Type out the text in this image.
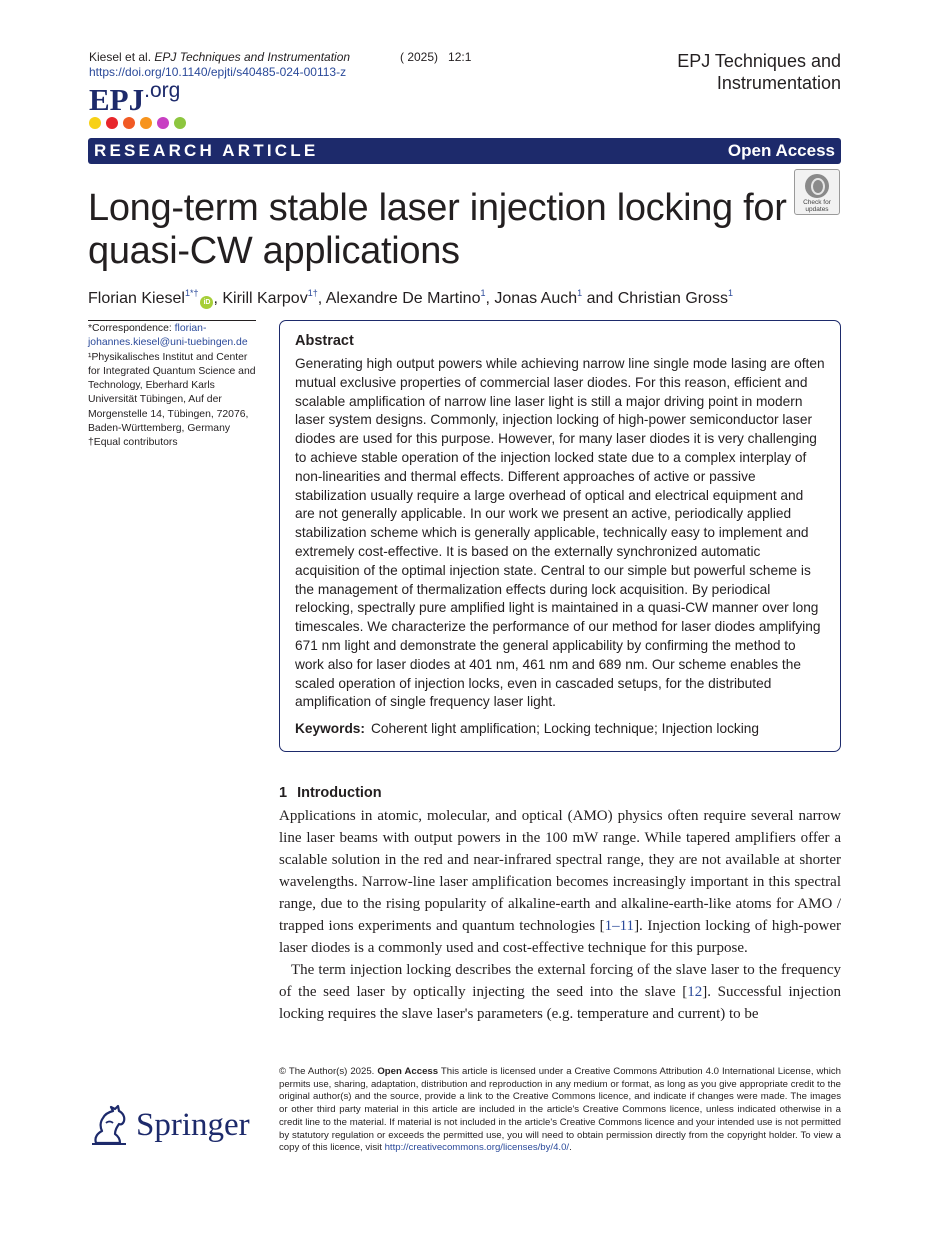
Kiesel et al. EPJ Techniques and Instrumentation
https://doi.org/10.1140/epjti/s40485-024-00113-z
( 2025) 12:1	EPJ Techniques and Instrumentation
EPJ.org
RESEARCH ARTICLE	Open Access
Check for
updates
Long-term stable laser injection locking for quasi-CW applications
Florian Kiesel$^{1*\dagger}$iD , Kirill Karpov$^{1\dagger}$, Alexandre De Martino$^1$, Jonas Auch$^1$ and Christian Gross$^1$

*Correspondence: florian-johannes.kiesel@uni-tuebingen.de

¹Physikalisches Institut and Center for Integrated Quantum Science and Technology, Eberhard Karls Universität Tübingen, Auf der Morgenstelle 14, Tübingen, 72076, Baden-Württemberg, Germany

†Equal contributors

Abstract
Generating high output powers while achieving narrow line single mode lasing are often mutual exclusive properties of commercial laser diodes. For this reason, efficient and scalable amplification of narrow line laser light is still a major driving point in modern laser system designs. Commonly, injection locking of high-power semiconductor laser diodes are used for this purpose. However, for many laser diodes it is very challenging to achieve stable operation of the injection locked state due to a complex interplay of non-linearities and thermal effects. Different approaches of active or passive stabilization usually require a large overhead of optical and electrical equipment and are not generally applicable. In our work we present an active, periodically applied stabilization scheme which is generally applicable, technically easy to implement and extremely cost-effective. It is based on the externally synchronized automatic acquisition of the optimal injection state. Central to our simple but powerful scheme is the management of thermalization effects during lock acquisition. By periodical relocking, spectrally pure amplified light is maintained in a quasi-CW manner over long timescales. We characterize the performance of our method for laser diodes amplifying 671 nm light and demonstrate the general applicability by confirming the method to work also for laser diodes at 401 nm, 461 nm and 689 nm. Our scheme enables the scaled operation of injection locks, even in cascaded setups, for the distributed amplification of single frequency laser light.
Keywords: Coherent light amplification; Locking technique; Injection locking
1 Introduction

Applications in atomic, molecular, and optical (AMO) physics often require several narrow line laser beams with output powers in the 100 mW range. While tapered amplifiers offer a scalable solution in the red and near-infrared spectral range, they are not available at shorter wavelengths. Narrow-line laser amplification becomes increasingly important in this spectral range, due to the rising popularity of alkaline-earth and alkaline-earth-like atoms for AMO / trapped ions experiments and quantum technologies [1–11]. Injection locking of high-power laser diodes is a commonly used and cost-effective technique for this purpose.

The term injection locking describes the external forcing of the slave laser to the frequency of the seed laser by optically injecting the seed into the slave [12]. Successful injection locking requires the slave laser's parameters (e.g. temperature and current) to be

Springer
© The Author(s) 2025. Open Access This article is licensed under a Creative Commons Attribution 4.0 International License, which permits use, sharing, adaptation, distribution and reproduction in any medium or format, as long as you give appropriate credit to the original author(s) and the source, provide a link to the Creative Commons licence, and indicate if changes were made. The images or other third party material in this article are included in the article's Creative Commons licence, unless indicated otherwise in a credit line to the material. If material is not included in the article's Creative Commons licence and your intended use is not permitted by statutory regulation or exceeds the permitted use, you will need to obtain permission directly from the copyright holder. To view a copy of this licence, visit http://creativecommons.org/licenses/by/4.0/.
